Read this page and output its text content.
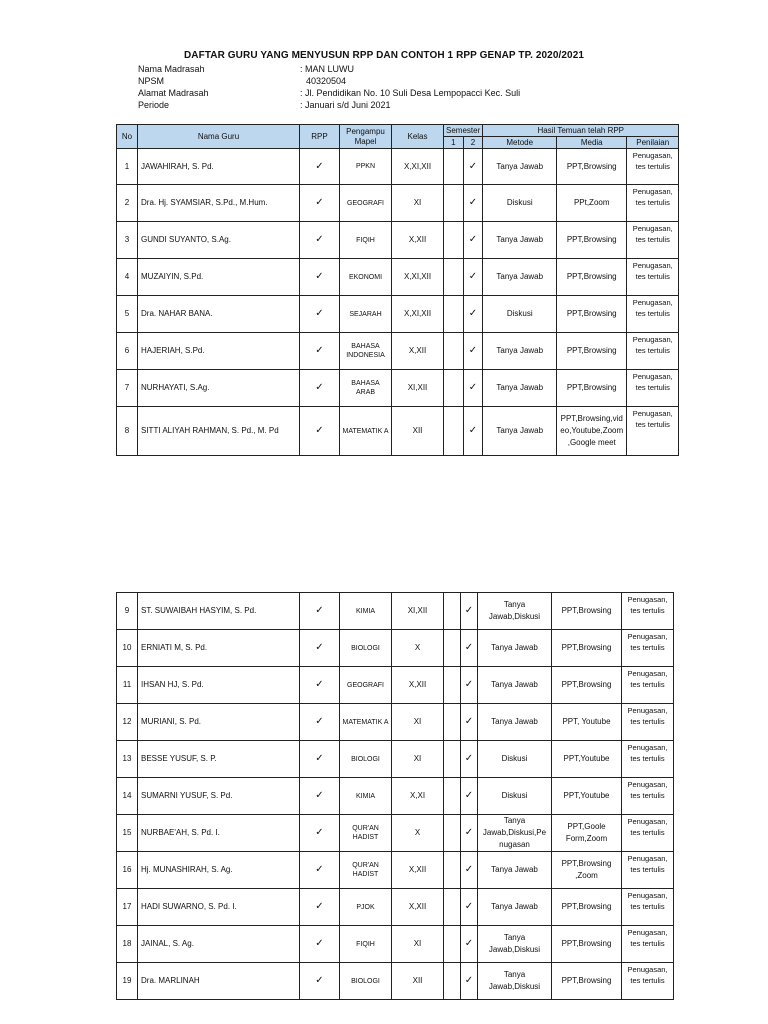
DAFTAR GURU YANG MENYUSUN RPP DAN CONTOH 1 RPP GENAP TP. 2020/2021
Nama Madrasah	: MAN LUWU
NPSM	40320504
Alamat Madrasah	: Jl. Pendidikan No. 10 Suli Desa Lempopacci Kec. Suli
Periode	: Januari s/d Juni 2021
No	Nama Guru	RPP	Pengampu Mapel	Kelas	Semester		Hasil Temuan telah RPP		
					1	2	Metode	Media	Penilaian
1	JAWAHIRAH, S. Pd.	✓	PPKN	X,XI,XII		✓	Tanya Jawab	PPT,Browsing	Penugasan, tes tertulis
2	Dra. Hj. SYAMSIAR, S.Pd., M.Hum.	✓	GEOGRAFI	XI		✓	Diskusi	PPt,Zoom	Penugasan, tes tertulis
3	GUNDI SUYANTO, S.Ag.	✓	FIQIH	X,XII		✓	Tanya Jawab	PPT,Browsing	Penugasan, tes tertulis
4	MUZAIYIN, S.Pd.	✓	EKONOMI	X,XI,XII		✓	Tanya Jawab	PPT,Browsing	Penugasan, tes tertulis
5	Dra. NAHAR BANA.	✓	SEJARAH	X,XI,XII		✓	Diskusi	PPT,Browsing	Penugasan, tes tertulis
6	HAJERIAH, S.Pd.	✓	BAHASA INDONESIA	X,XII		✓	Tanya Jawab	PPT,Browsing	Penugasan, tes tertulis
7	NURHAYATI, S.Ag.	✓	BAHASA ARAB	XI,XII		✓	Tanya Jawab	PPT,Browsing	Penugasan, tes tertulis
8	SITTI ALIYAH RAHMAN, S. Pd., M. Pd	✓	MATEMATIK A	XII		✓	Tanya Jawab	PPT,Browsing,vid eo,Youtube,Zoom ,Google meet	Penugasan, tes tertulis
9	ST. SUWAIBAH HASYIM, S. Pd.	✓	KIMIA	XI,XII		✓	Tanya Jawab,Diskusi	PPT,Browsing	Penugasan, tes tertulis
10	ERNIATI M, S. Pd.	✓	BIOLOGI	X		✓	Tanya Jawab	PPT,Browsing	Penugasan, tes tertulis
11	IHSAN HJ, S. Pd.	✓	GEOGRAFI	X,XII		✓	Tanya Jawab	PPT,Browsing	Penugasan, tes tertulis
12	MURIANI, S. Pd.	✓	MATEMATIK A	XI		✓	Tanya Jawab	PPT, Youtube	Penugasan, tes tertulis
13	BESSE YUSUF, S. P.	✓	BIOLOGI	XI		✓	Diskusi	PPT,Youtube	Penugasan, tes tertulis
14	SUMARNI YUSUF, S. Pd.	✓	KIMIA	X,XI		✓	Diskusi	PPT,Youtube	Penugasan, tes tertulis
15	NURBAE'AH, S. Pd. I.	✓	QUR'AN HADIST	X		✓	Tanya Jawab,Diskusi,Pe nugasan	PPT,Goole Form,Zoom	Penugasan, tes tertulis
16	Hj. MUNASHIRAH, S. Ag.	✓	QUR'AN HADIST	X,XII		✓	Tanya Jawab	PPT,Browsing ,Zoom	Penugasan, tes tertulis
17	HADI SUWARNO, S. Pd. I.	✓	PJOK	X,XII		✓	Tanya Jawab	PPT,Browsing	Penugasan, tes tertulis
18	JAINAL, S. Ag.	✓	FIQIH	XI		✓	Tanya Jawab,Diskusi	PPT,Browsing	Penugasan, tes tertulis
19	Dra. MARLINAH	✓	BIOLOGI	XII		✓	Tanya Jawab,Diskusi	PPT,Browsing	Penugasan, tes tertulis
